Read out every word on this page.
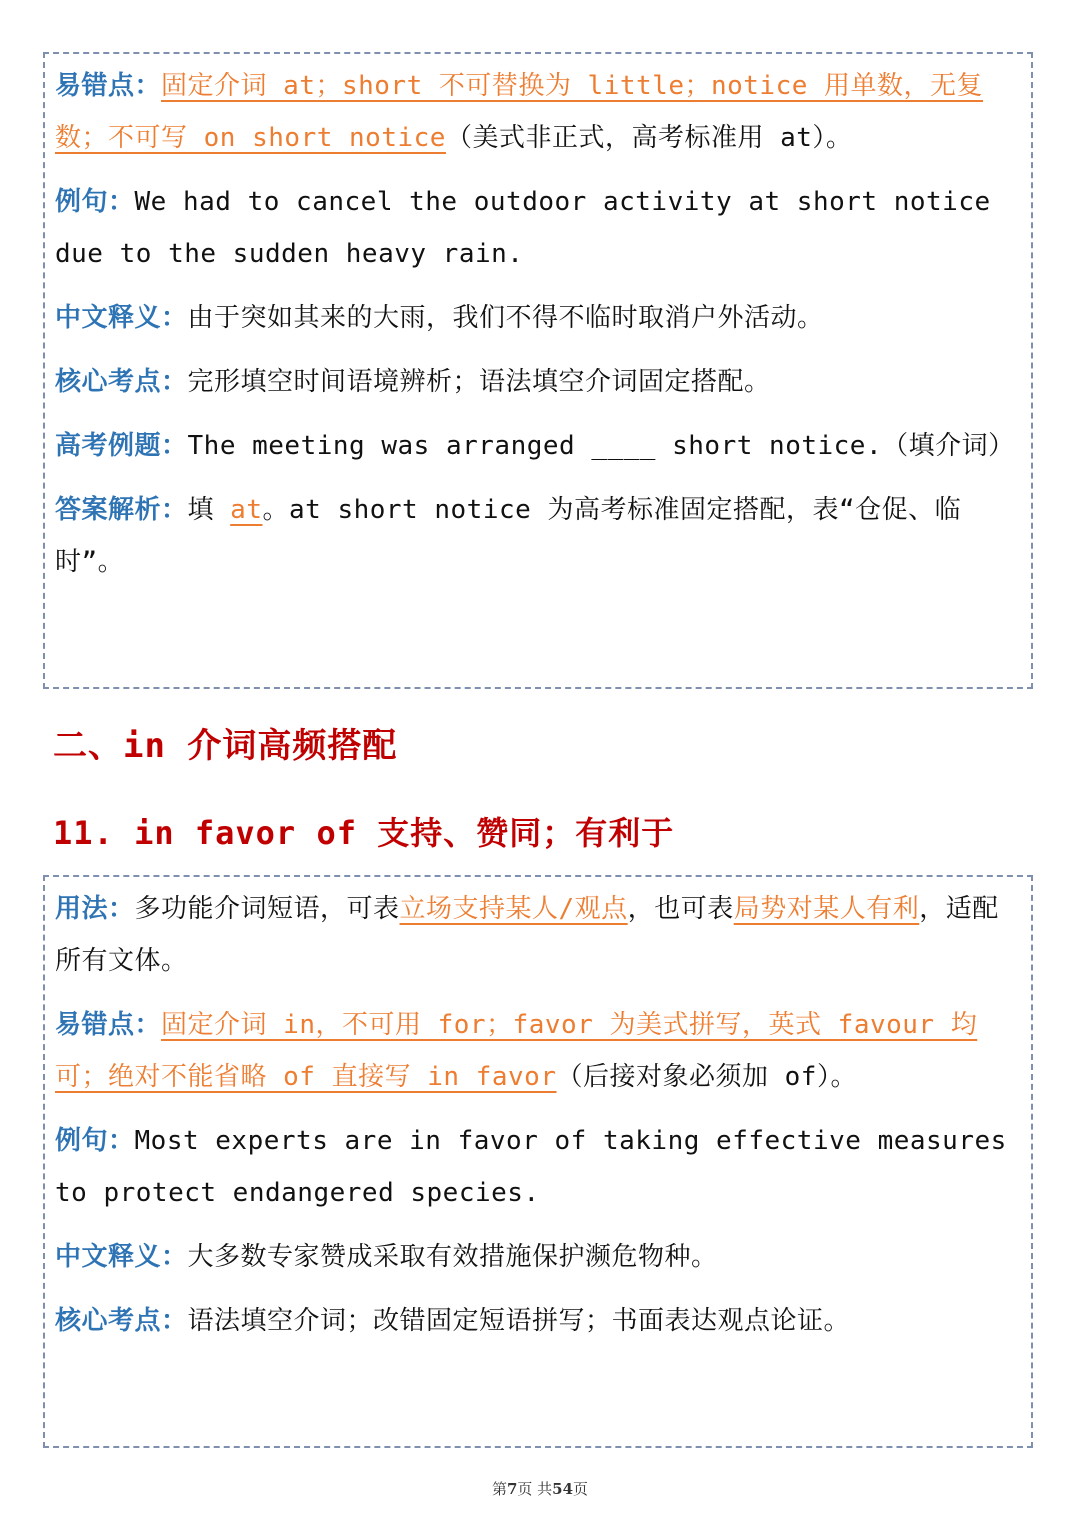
易错点：固定介词 at；short 不可替换为 little；notice 用单数，无复数；不可写 on short notice（美式非正式，高考标准用 at）。

例句：We had to cancel the outdoor activity at short notice due to the sudden heavy rain.

中文释义：由于突如其来的大雨，我们不得不临时取消户外活动。

核心考点：完形填空时间语境辨析；语法填空介词固定搭配。

高考例题：The meeting was arranged ____ short notice.（填介词）

答案解析：填 at。at short notice 为高考标准固定搭配，表“仓促、临时”。

二、in 介词高频搭配
11. in favor of 支持、赞同；有利于

用法：多功能介词短语，可表立场支持某人/观点，也可表局势对某人有利，适配所有文体。

易错点：固定介词 in，不可用 for；favor 为美式拼写，英式 favour 均可；绝对不能省略 of 直接写 in favor（后接对象必须加 of）。

例句：Most experts are in favor of taking effective measures to protect endangered species.

中文释义：大多数专家赞成采取有效措施保护濒危物种。

核心考点：语法填空介词；改错固定短语拼写；书面表达观点论证。

第7页 共54页
